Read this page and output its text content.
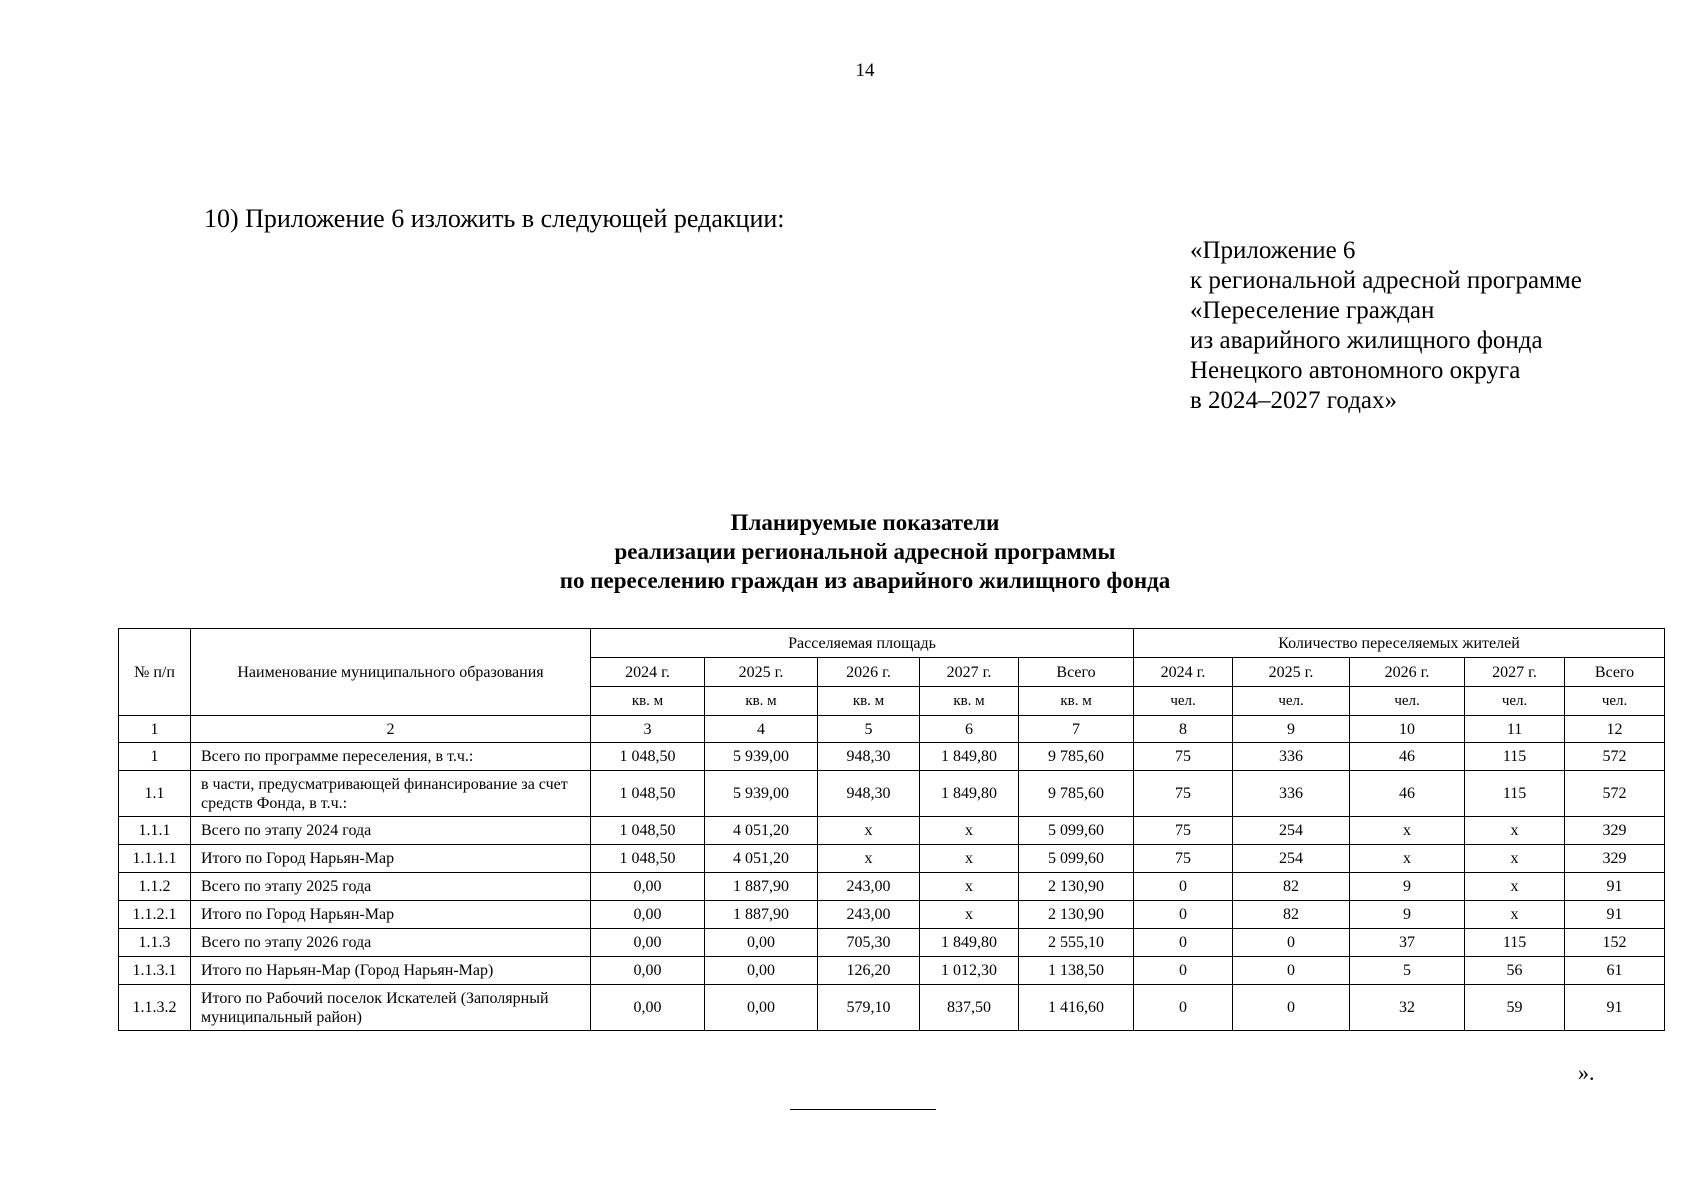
14
10) Приложение 6 изложить в следующей редакции:
«Приложение 6
к региональной адресной программе
«Переселение граждан
из аварийного жилищного фонда
Ненецкого автономного округа
в 2024–2027 годах»
Планируемые показатели
реализации региональной адресной программы
по переселению граждан из аварийного жилищного фонда
№ п/п	Наименование муниципального образования	Расселяемая площадь					Количество переселяемых жителей				
		2024 г.	2025 г.	2026 г.	2027 г.	Всего	2024 г.	2025 г.	2026 г.	2027 г.	Всего
		кв. м	кв. м	кв. м	кв. м	кв. м	чел.	чел.	чел.	чел.	чел.
1	2	3	4	5	6	7	8	9	10	11	12
1	Всего по программе переселения, в т.ч.:	1 048,50	5 939,00	948,30	1 849,80	9 785,60	75	336	46	115	572
1.1	в части, предусматривающей финансирование за счет средств Фонда, в т.ч.:	1 048,50	5 939,00	948,30	1 849,80	9 785,60	75	336	46	115	572
1.1.1	Всего по этапу 2024 года	1 048,50	4 051,20	х	х	5 099,60	75	254	х	х	329
1.1.1.1	Итого по Город Нарьян-Мар	1 048,50	4 051,20	х	х	5 099,60	75	254	х	х	329
1.1.2	Всего по этапу 2025 года	0,00	1 887,90	243,00	х	2 130,90	0	82	9	х	91
1.1.2.1	Итого по Город Нарьян-Мар	0,00	1 887,90	243,00	х	2 130,90	0	82	9	х	91
1.1.3	Всего по этапу 2026 года	0,00	0,00	705,30	1 849,80	2 555,10	0	0	37	115	152
1.1.3.1	Итого по Нарьян-Мар (Город Нарьян-Мар)	0,00	0,00	126,20	1 012,30	1 138,50	0	0	5	56	61
1.1.3.2	Итого по Рабочий поселок Искателей (Заполярный муниципальный район)	0,00	0,00	579,10	837,50	1 416,60	0	0	32	59	91
».
